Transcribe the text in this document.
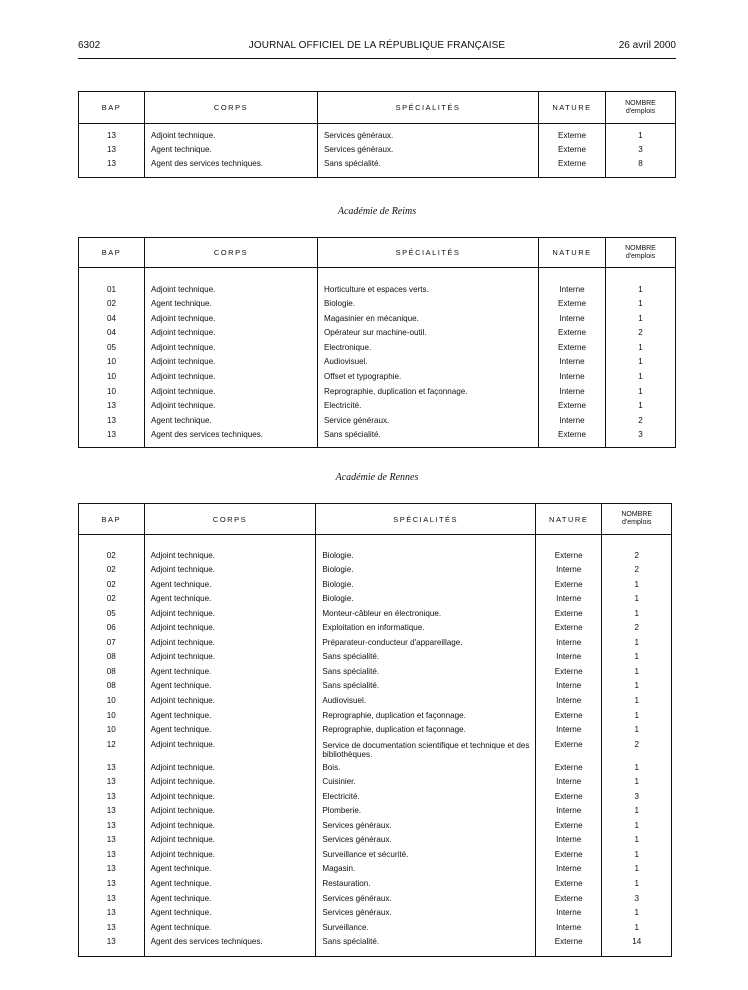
6302	JOURNAL OFFICIEL DE LA RÉPUBLIQUE FRANÇAISE	26 avril 2000
BAP	CORPS	SPÉCIALITÉS	NATURE	NOMBRE
d'emplois

13	Adjoint technique.	Services généraux.	Externe	1
13	Agent technique.	Services généraux.	Externe	3
13	Agent des services techniques.	Sans spécialité.	Externe	8

Académie de Reims
BAP	CORPS	SPÉCIALITÉS	NATURE	NOMBRE
d'emplois

01	Adjoint technique.	Horticulture et espaces verts.	Interne	1
02	Agent technique.	Biologie.	Externe	1
04	Adjoint technique.	Magasinier en mécanique.	Interne	1
04	Adjoint technique.	Opérateur sur machine-outil.	Externe	2
05	Adjoint technique.	Electronique.	Externe	1
10	Adjoint technique.	Audiovisuel.	Interne	1
10	Adjoint technique.	Offset et typographie.	Interne	1
10	Adjoint technique.	Reprographie, duplication et façonnage.	Interne	1
13	Adjoint technique.	Electricité.	Externe	1
13	Agent technique.	Service généraux.	Interne	2
13	Agent des services techniques.	Sans spécialité.	Externe	3

Académie de Rennes
BAP	CORPS	SPÉCIALITÉS	NATURE	NOMBRE
d'emplois

02	Adjoint technique.	Biologie.	Externe	2
02	Adjoint technique.	Biologie.	Interne	2
02	Agent technique.	Biologie.	Externe	1
02	Agent technique.	Biologie.	Interne	1
05	Adjoint technique.	Monteur-câbleur en électronique.	Externe	1
06	Adjoint technique.	Exploitation en informatique.	Externe	2
07	Adjoint technique.	Préparateur-conducteur d'appareillage.	Interne	1
08	Adjoint technique.	Sans spécialité.	Interne	1
08	Agent technique.	Sans spécialité.	Externe	1
08	Agent technique.	Sans spécialité.	Interne	1
10	Adjoint technique.	Audiovisuel.	Interne	1
10	Agent technique.	Reprographie, duplication et façonnage.	Externe	1
10	Agent technique.	Reprographie, duplication et façonnage.	Interne	1
12	Adjoint technique.	Service de documentation scientifique et technique et des bibliothèques.	Externe	2
13	Adjoint technique.	Bois.	Externe	1
13	Adjoint technique.	Cuisinier.	Interne	1
13	Adjoint technique.	Electricité.	Externe	3
13	Adjoint technique.	Plomberie.	Interne	1
13	Adjoint technique.	Services généraux.	Externe	1
13	Adjoint technique.	Services généraux.	Interne	1
13	Adjoint technique.	Surveillance et sécurité.	Externe	1
13	Agent technique.	Magasin.	Interne	1
13	Agent technique.	Restauration.	Externe	1
13	Agent technique.	Services généraux.	Externe	3
13	Agent technique.	Services généraux.	Interne	1
13	Agent technique.	Surveillance.	Interne	1
13	Agent des services techniques.	Sans spécialité.	Externe	14
